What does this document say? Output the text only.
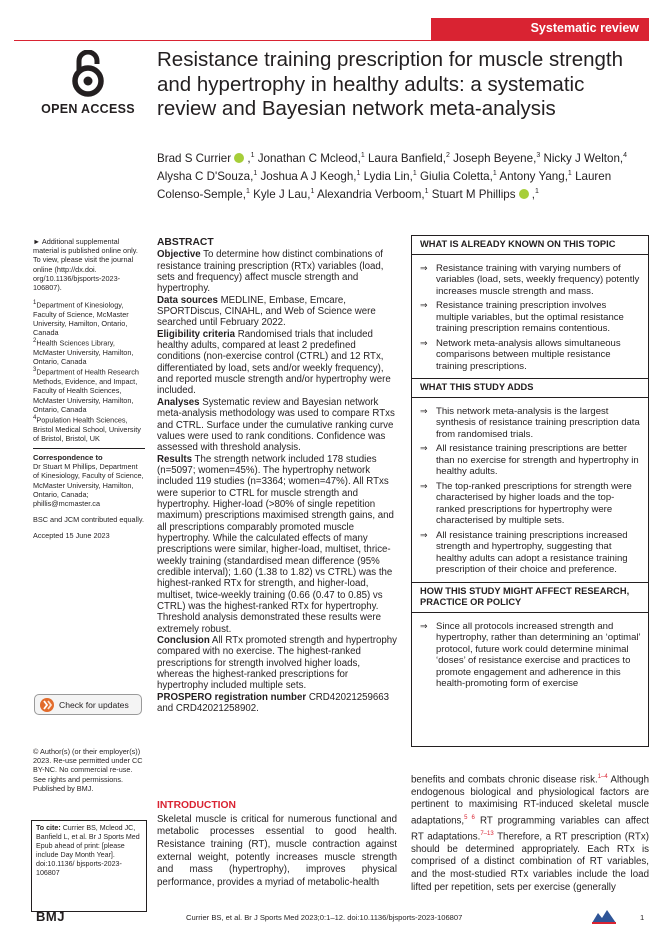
Systematic review
OPEN ACCESS
Resistance training prescription for muscle strength and hypertrophy in healthy adults: a systematic review and Bayesian network meta-analysis
Brad S Currier ,$^1$ Jonathan C Mcleod,$^1$ Laura Banfield,$^2$ Joseph Beyene,$^3$ Nicky J Welton,$^4$ Alysha C D'Souza,$^1$ Joshua A J Keogh,$^1$ Lydia Lin,$^1$ Giulia Coletta,$^1$ Antony Yang,$^1$ Lauren Colenso-Semple,$^1$ Kyle J Lau,$^1$ Alexandria Verboom,$^1$ Stuart M Phillips ,$^1$
► Additional supplemental material is published online only. To view, please visit the journal online (http://dx.doi. org/10.1136/bjsports-2023-106807).
$^1$Department of Kinesiology, Faculty of Science, McMaster University, Hamilton, Ontario, Canada
$^2$Health Sciences Library, McMaster University, Hamilton, Ontario, Canada
$^3$Department of Health Research Methods, Evidence, and Impact, Faculty of Health Sciences, McMaster University, Hamilton, Ontario, Canada
$^4$Population Health Sciences, Bristol Medical School, University of Bristol, Bristol, UK
Correspondence to
Dr Stuart M Phillips, Department of Kinesiology, Faculty of Science, McMaster University, Hamilton, Ontario, Canada; phillis@mcmaster.ca
BSC and JCM contributed equally.
Accepted 15 June 2023
Check for updates
© Author(s) (or their employer(s)) 2023. Re-use permitted under CC BY-NC. No commercial re-use. See rights and permissions. Published by BMJ.
To cite: Currier BS, Mcleod JC, Banfield L, et al. Br J Sports Med Epub ahead of print: [please include Day Month Year]. doi:10.1136/ bjsports-2023-106807
ABSTRACT
Objective To determine how distinct combinations of resistance training prescription (RTx) variables (load, sets and frequency) affect muscle strength and hypertrophy.
Data sources MEDLINE, Embase, Emcare, SPORTDiscus, CINAHL, and Web of Science were searched until February 2022.
Eligibility criteria Randomised trials that included healthy adults, compared at least 2 predefined conditions (non-exercise control (CTRL) and 12 RTx, differentiated by load, sets and/or weekly frequency), and reported muscle strength and/or hypertrophy were included.
Analyses Systematic review and Bayesian network meta-analysis methodology was used to compare RTxs and CTRL. Surface under the cumulative ranking curve values were used to rank conditions. Confidence was assessed with threshold analysis.
Results The strength network included 178 studies (n=5097; women=45%). The hypertrophy network included 119 studies (n=3364; women=47%). All RTxs were superior to CTRL for muscle strength and hypertrophy. Higher-load (>80% of single repetition maximum) prescriptions maximised strength gains, and all prescriptions comparably promoted muscle hypertrophy. While the calculated effects of many prescriptions were similar, higher-load, multiset, thrice-weekly training (standardised mean difference (95% credible interval); 1.60 (1.38 to 1.82) vs CTRL) was the highest-ranked RTx for strength, and higher-load, multiset, twice-weekly training (0.66 (0.47 to 0.85) vs CTRL) was the highest-ranked RTx for hypertrophy. Threshold analysis demonstrated these results were extremely robust.
Conclusion All RTx promoted strength and hypertrophy compared with no exercise. The highest-ranked prescriptions for strength involved higher loads, whereas the highest-ranked prescriptions for hypertrophy included multiple sets.
PROSPERO registration number CRD42021259663 and CRD42021258902.
WHAT IS ALREADY KNOWN ON THIS TOPIC
⇒ Resistance training with varying numbers of variables (load, sets, weekly frequency) potently increases muscle strength and mass.
⇒ Resistance training prescription involves multiple variables, but the optimal resistance training prescription remains contentious.
⇒ Network meta-analysis allows simultaneous comparisons between multiple resistance training prescriptions.
WHAT THIS STUDY ADDS
⇒ This network meta-analysis is the largest synthesis of resistance training prescription data from randomised trials.
⇒ All resistance training prescriptions are better than no exercise for strength and hypertrophy in healthy adults.
⇒ The top-ranked prescriptions for strength were characterised by higher loads and the top-ranked prescriptions for hypertrophy were characterised by multiple sets.
⇒ All resistance training prescriptions increased strength and hypertrophy, suggesting that healthy adults can adopt a resistance training prescription of their choice and preference.
HOW THIS STUDY MIGHT AFFECT RESEARCH, PRACTICE OR POLICY
⇒ Since all protocols increased strength and hypertrophy, rather than determining an ‘optimal’ protocol, future work could determine minimal ‘doses’ of resistance exercise and practices to promote engagement and adherence in this health-promoting form of exercise
INTRODUCTION
Skeletal muscle is critical for numerous functional and metabolic processes essential to good health. Resistance training (RT), muscle contraction against external weight, potently increases muscle strength and mass (hypertrophy), improves physical performance, provides a myriad of metabolic-health
benefits and combats chronic disease risk.$^{1-4}$ Although endogenous biological and physiological factors are pertinent to maximising RT-induced skeletal muscle adaptations,$^{5 6}$ RT programming variables can affect RT adaptations.$^{7-13}$ Therefore, a RT prescription (RTx) should be determined appropriately. Each RTx is comprised of a distinct combination of RT variables, and the most-studied RTx variables include the load lifted per repetition, sets per exercise (generally
BMJ	Currier BS, et al. Br J Sports Med 2023;0:1–12. doi:10.1136/bjsports-2023-106807	1
